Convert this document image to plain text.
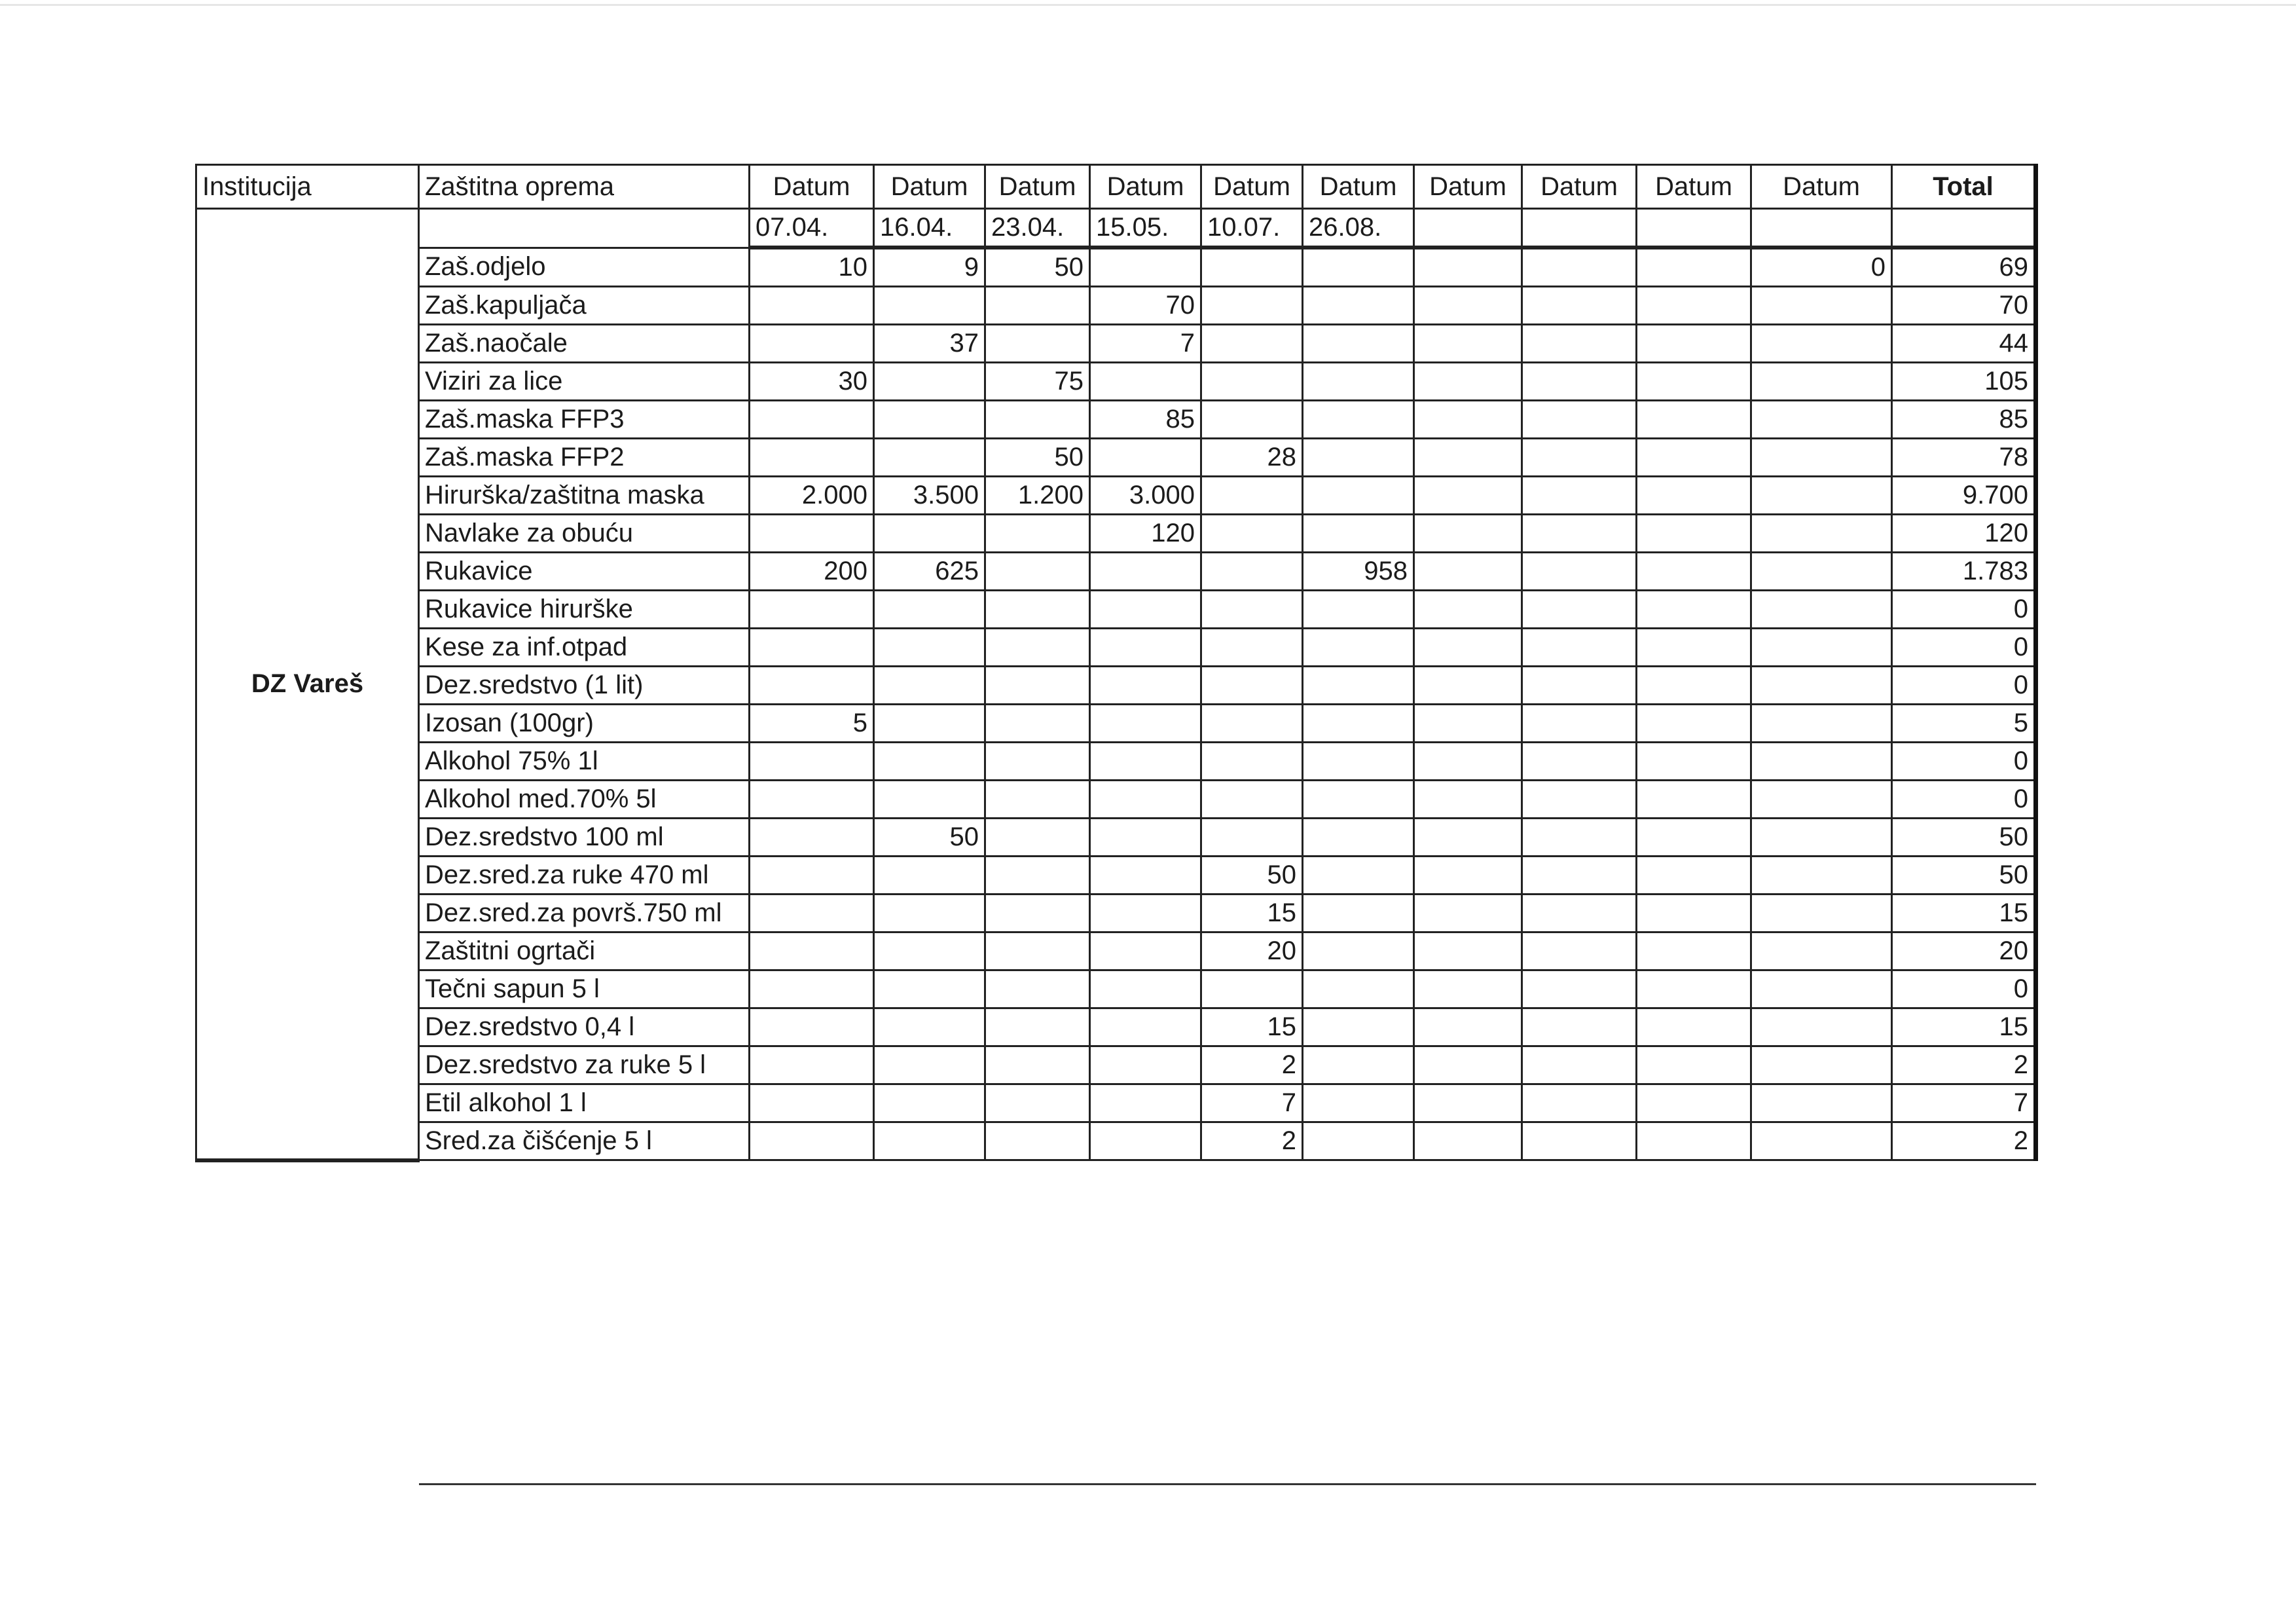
Institucija	Zaštitna oprema	Datum	Datum	Datum	Datum	Datum	Datum	Datum	Datum	Datum	Datum	Total
DZ Vareš		07.04.	16.04.	23.04.	15.05.	10.07.	26.08.					
	Zaš.odjelo	10	9	50							0	69
	Zaš.kapuljača				70							70
	Zaš.naočale		37		7							44
	Viziri za lice	30		75								105
	Zaš.maska FFP3				85							85
	Zaš.maska FFP2			50		28						78
	Hirurška/zaštitna maska	2.000	3.500	1.200	3.000							9.700
	Navlake za obuću				120							120
	Rukavice	200	625				958					1.783
	Rukavice hirurške											0
	Kese za inf.otpad											0
	Dez.sredstvo (1 lit)											0
	Izosan (100gr)	5										5
	Alkohol 75% 1l											0
	Alkohol med.70% 5l											0
	Dez.sredstvo 100 ml		50									50
	Dez.sred.za ruke 470 ml					50						50
	Dez.sred.za površ.750 ml					15						15
	Zaštitni ogrtači					20						20
	Tečni sapun 5 l											0
	Dez.sredstvo 0,4 l					15						15
	Dez.sredstvo za ruke 5 l					2						2
	Etil alkohol 1 l					7						7
	Sred.za čišćenje 5 l					2						2
